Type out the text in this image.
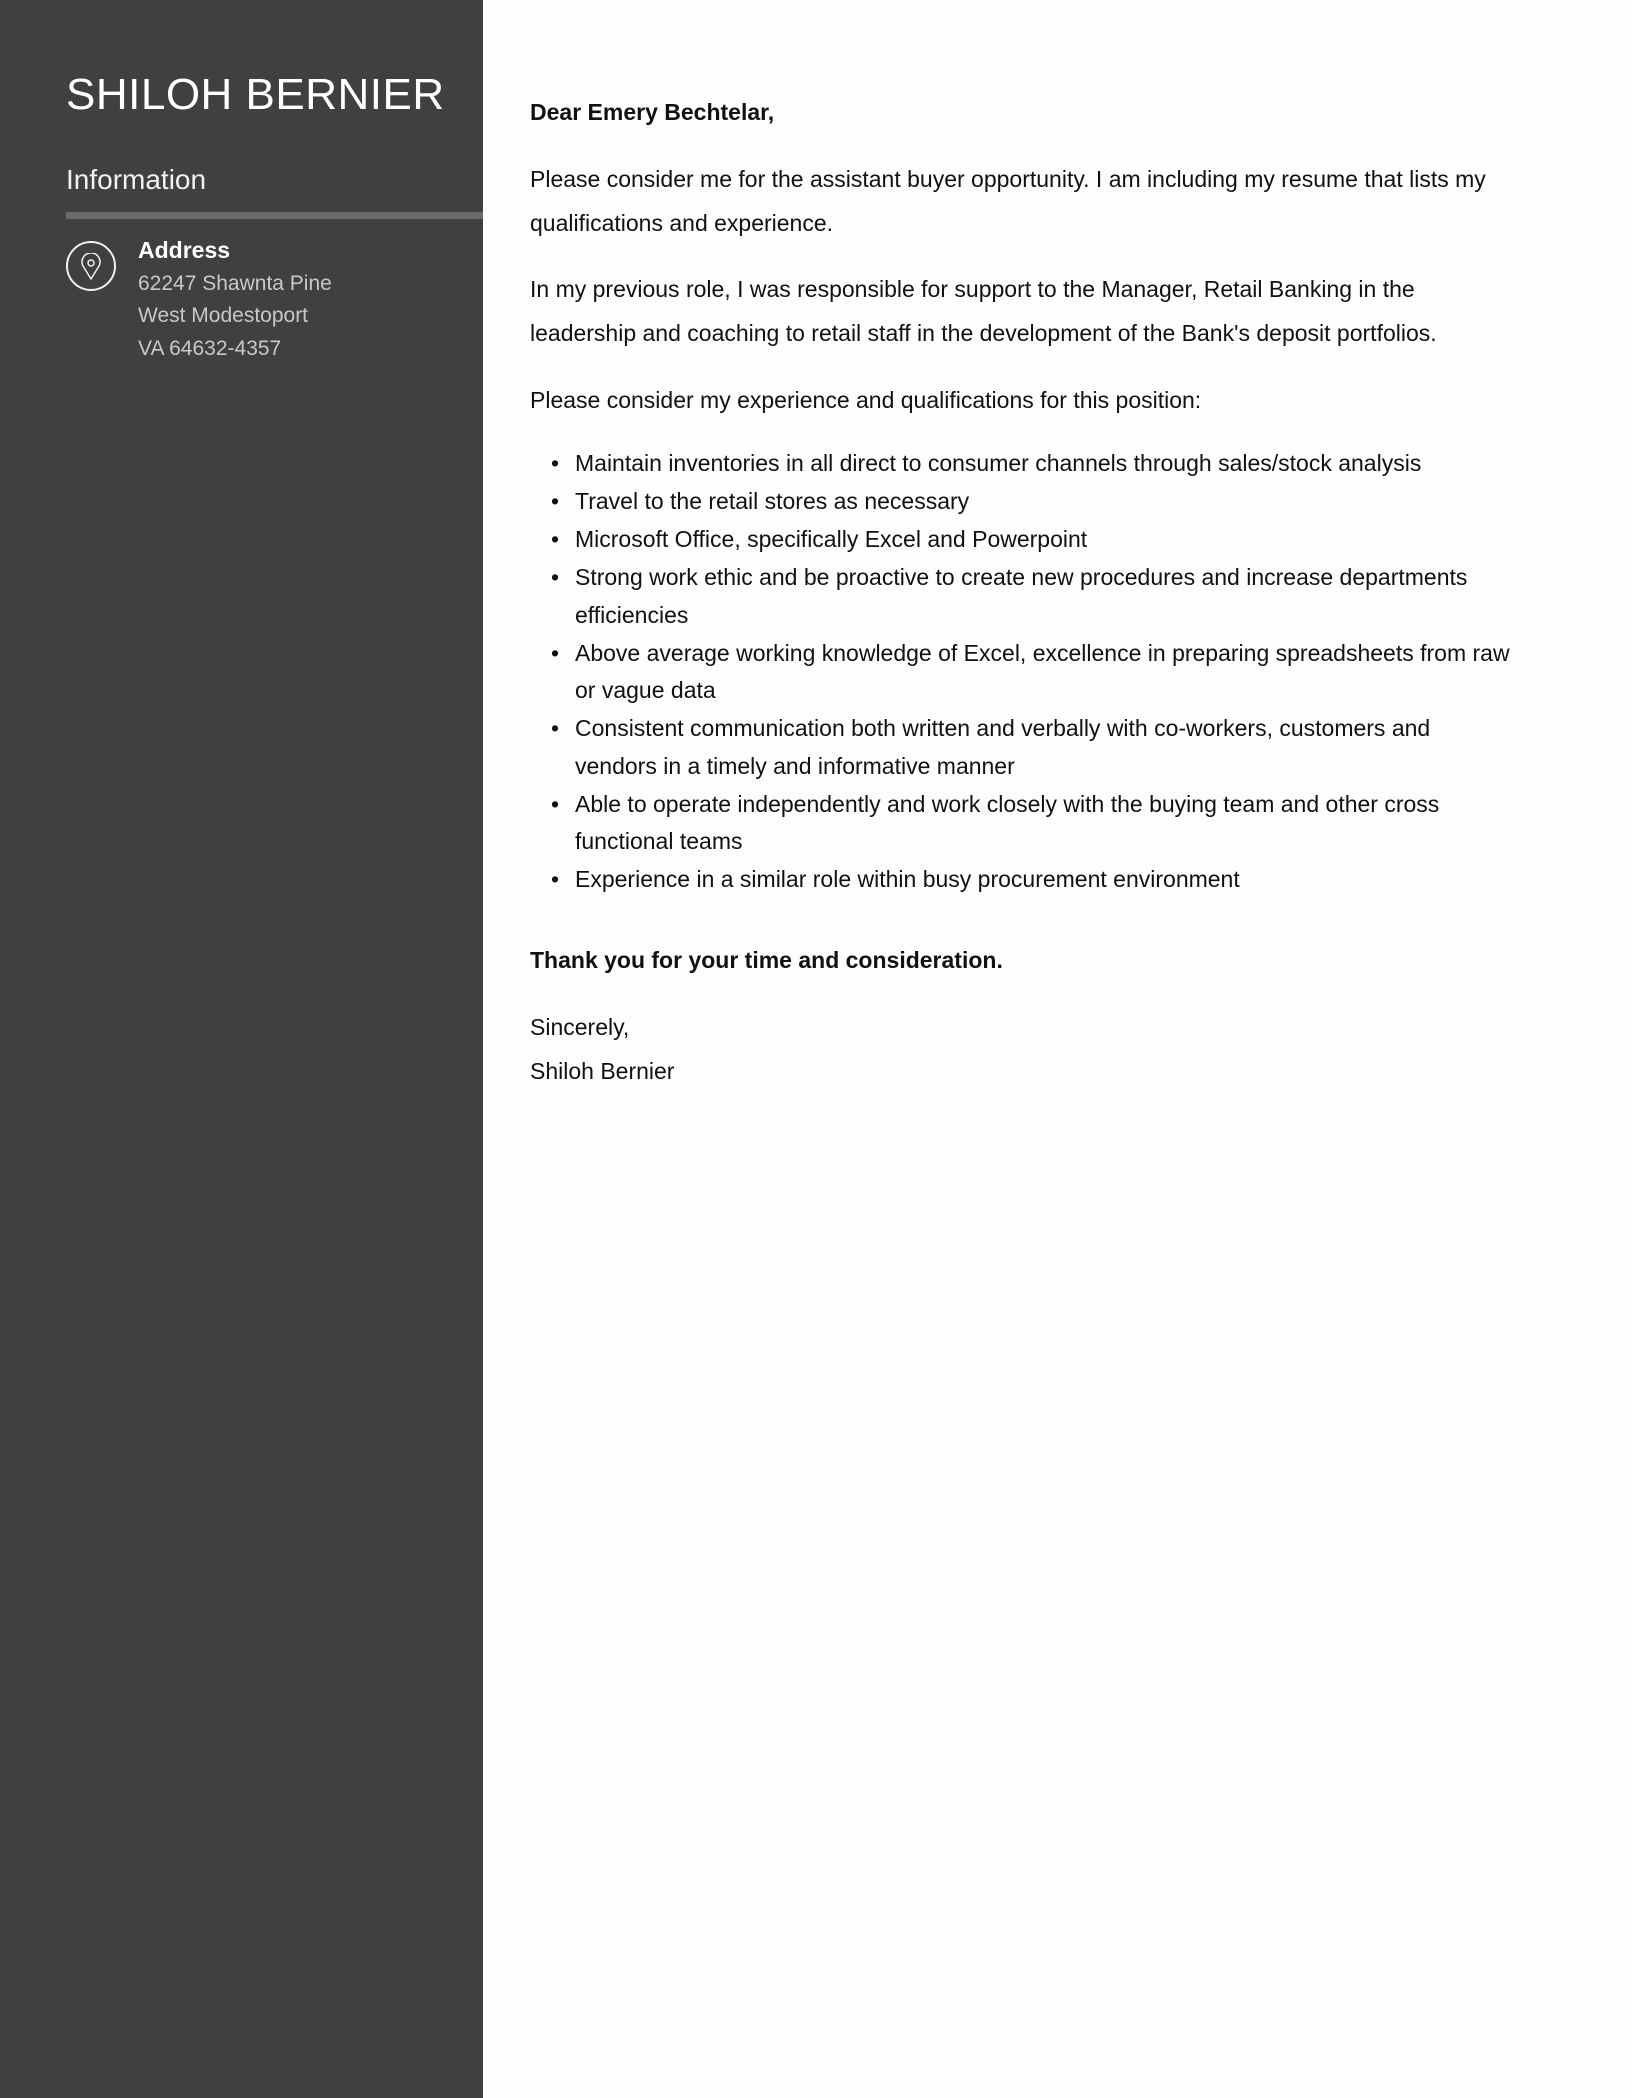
SHILOH BERNIER
Information
Address
62247 Shawnta Pine
West Modestoport
VA 64632-4357
Dear Emery Bechtelar,
Please consider me for the assistant buyer opportunity. I am including my resume that lists my
qualifications and experience.
In my previous role, I was responsible for support to the Manager, Retail Banking in the
leadership and coaching to retail staff in the development of the Bank's deposit portfolios.
Please consider my experience and qualifications for this position:
• Maintain inventories in all direct to consumer channels through sales/stock analysis
• Travel to the retail stores as necessary
• Microsoft Office, specifically Excel and Powerpoint
• Strong work ethic and be proactive to create new procedures and increase departments
efficiencies
• Above average working knowledge of Excel, excellence in preparing spreadsheets from raw
or vague data
• Consistent communication both written and verbally with co-workers, customers and
vendors in a timely and informative manner
• Able to operate independently and work closely with the buying team and other cross
functional teams
• Experience in a similar role within busy procurement environment
Thank you for your time and consideration.
Sincerely,
Shiloh Bernier
